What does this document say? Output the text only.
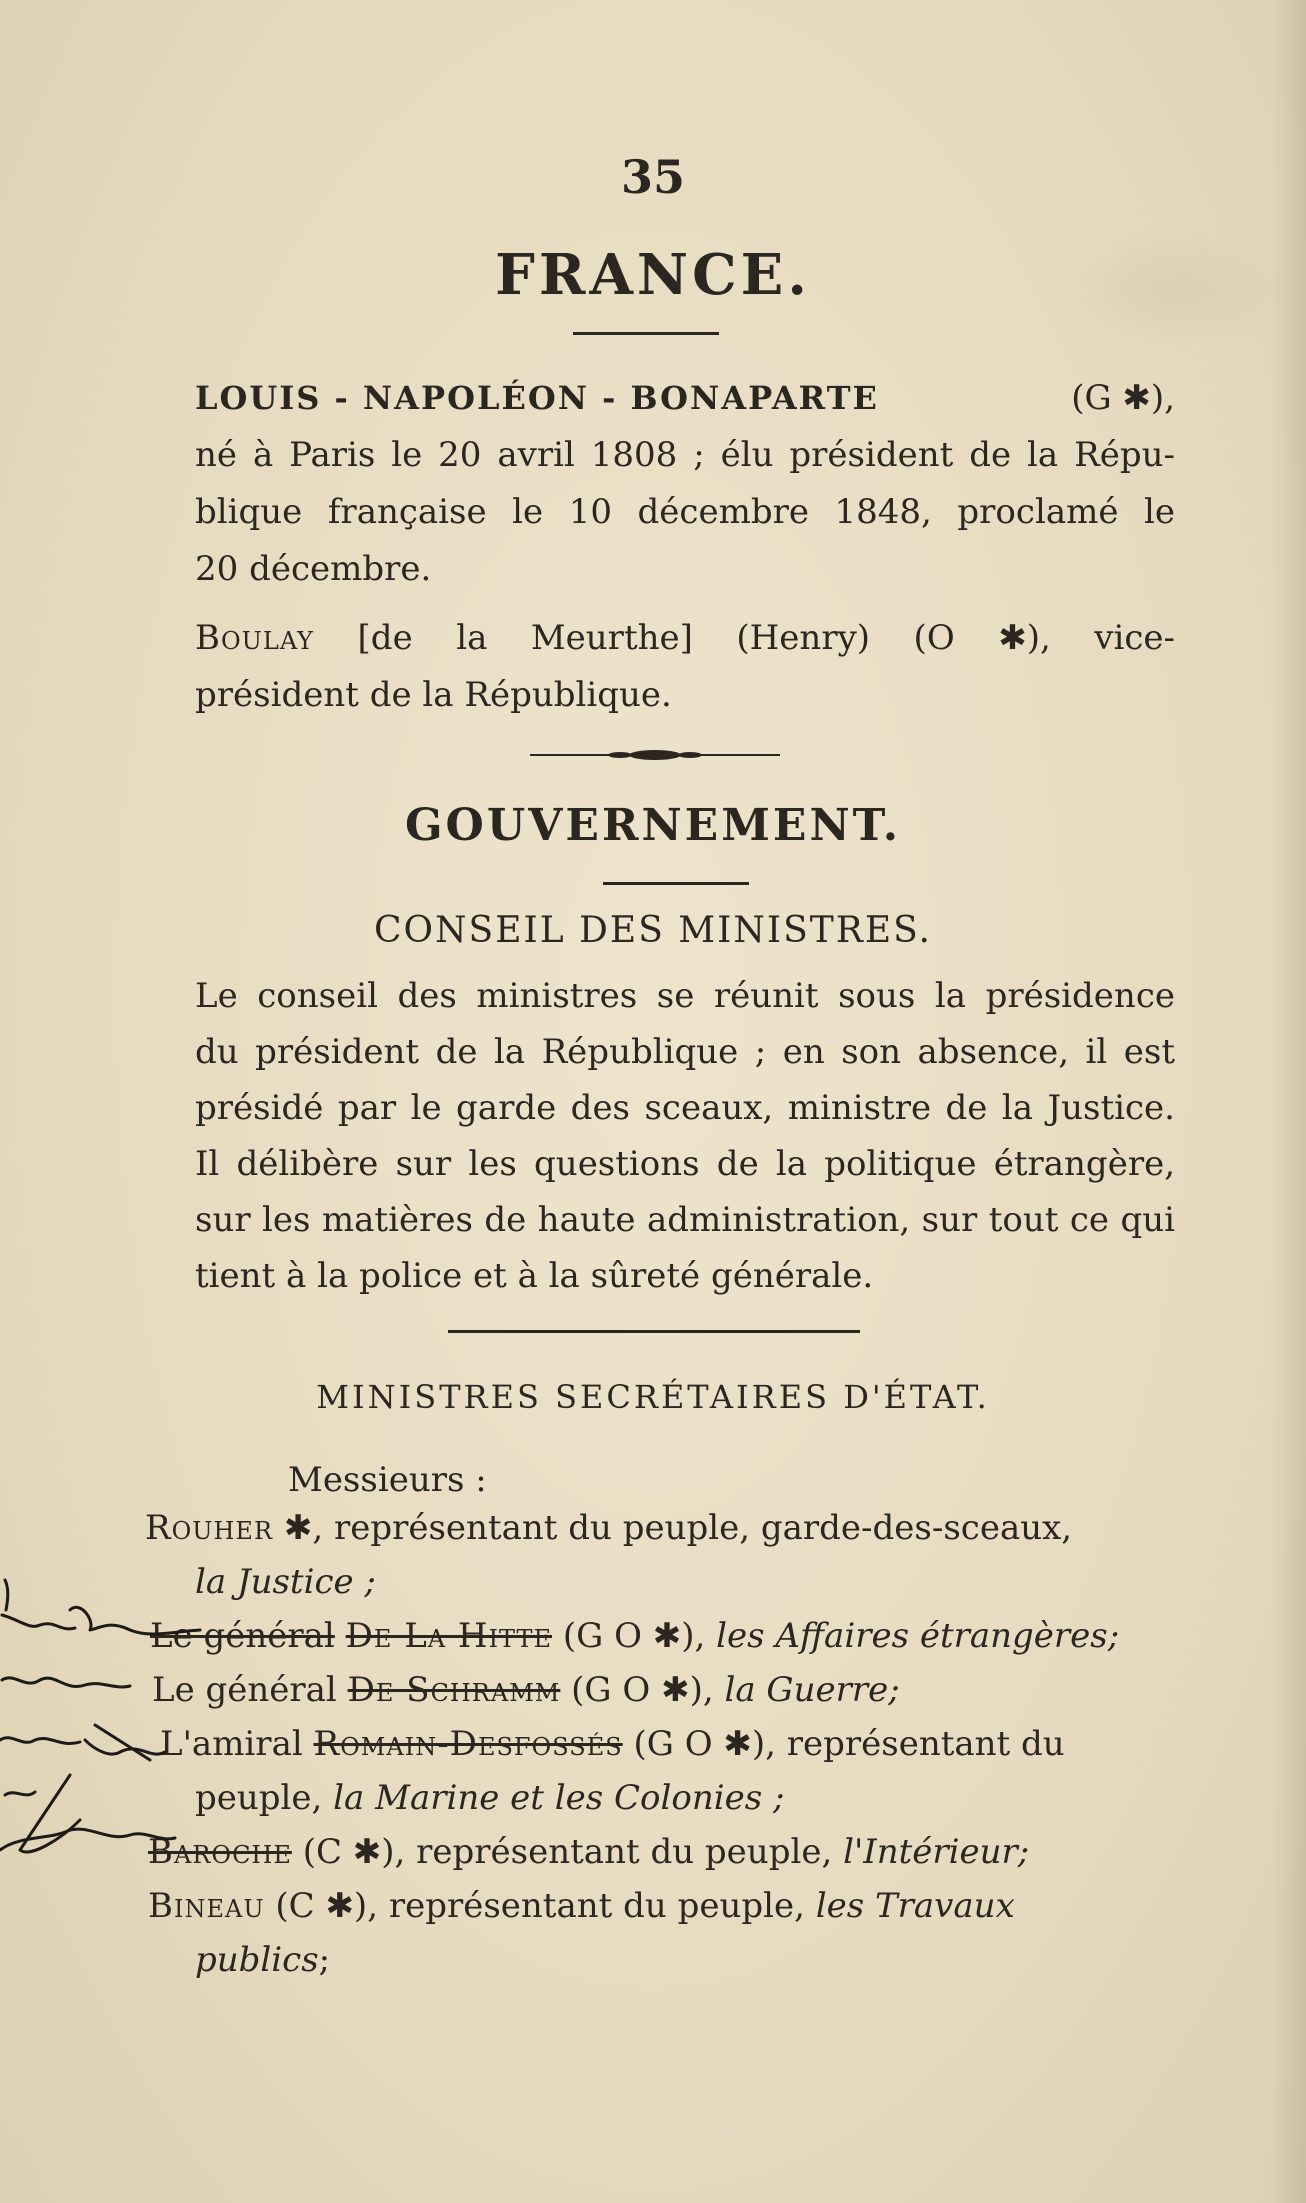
35
FRANCE.
LOUIS - NAPOLÉON - BONAPARTE	(G ✱),
né à Paris le 20 avril 1808 ; élu président de la Répu-
blique française le 10 décembre 1848, proclamé le
20 décembre.
Boulay [de la Meurthe] (Henry) (O ✱), vice-
président de la République.
GOUVERNEMENT.
CONSEIL DES MINISTRES.
Le conseil des ministres se réunit sous la présidence
du président de la République ; en son absence, il est
présidé par le garde des sceaux, ministre de la Justice.
Il délibère sur les questions de la politique étrangère,
sur les matières de haute administration, sur tout ce qui
tient à la police et à la sûreté générale.
MINISTRES SECRÉTAIRES D'ÉTAT.
Messieurs :
Rouher ✱, représentant du peuple, garde-des-sceaux,
la Justice ;
Le général De La Hitte (G O ✱), les Affaires étrangères;
Le général De Schramm (G O ✱), la Guerre;
L'amiral Romain-Desfossés (G O ✱), représentant du
peuple, la Marine et les Colonies ;
Baroche (C ✱), représentant du peuple, l'Intérieur;
Bineau (C ✱), représentant du peuple, les Travaux
publics;
